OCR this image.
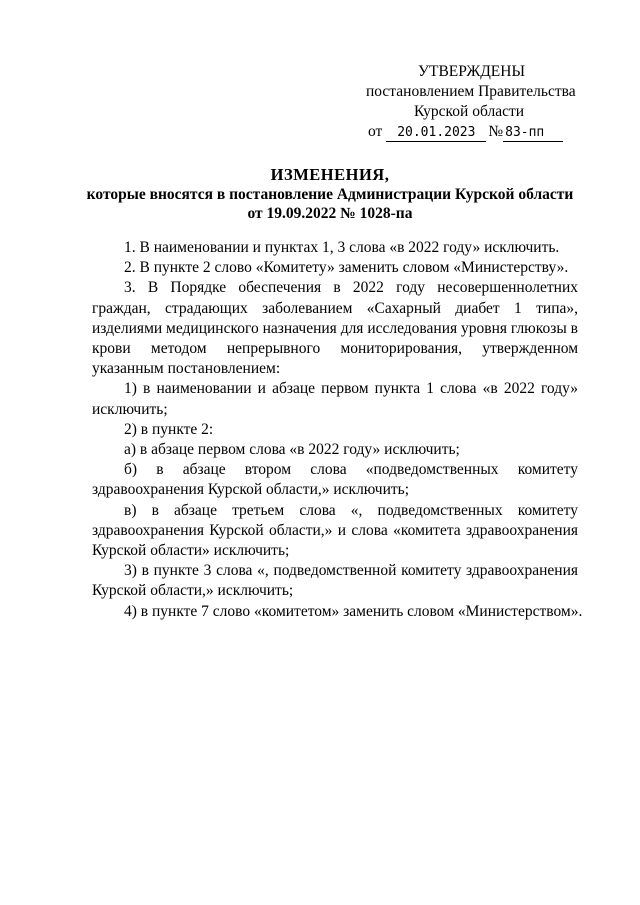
УТВЕРЖДЕНЫ
постановлением Правительства
Курской области
от 20.01.2023 № 83-пп
ИЗМЕНЕНИЯ,
которые вносятся в постановление Администрации Курской области
от 19.09.2022 № 1028-па

1. В наименовании и пунктах 1, 3 слова «в 2022 году» исключить.

2. В пункте 2 слово «Комитету» заменить словом «Министерству».

3. В Порядке обеспечения в 2022 году несовершеннолетних граждан, страдающих заболеванием «Сахарный диабет 1 типа», изделиями медицинского назначения для исследования уровня глюкозы в крови методом непрерывного мониторирования, утвержденном указанным постановлением:

1) в наименовании и абзаце первом пункта 1 слова «в 2022 году» исключить;

2) в пункте 2:

а) в абзаце первом слова «в 2022 году» исключить;

б) в абзаце втором слова «подведомственных комитету здравоохранения Курской области,» исключить;

в) в абзаце третьем слова «, подведомственных комитету здравоохранения Курской области,» и слова «комитета здравоохранения Курской области» исключить;

3) в пункте 3 слова «, подведомственной комитету здравоохранения Курской области,» исключить;

4) в пункте 7 слово «комитетом» заменить словом «Министерством».
